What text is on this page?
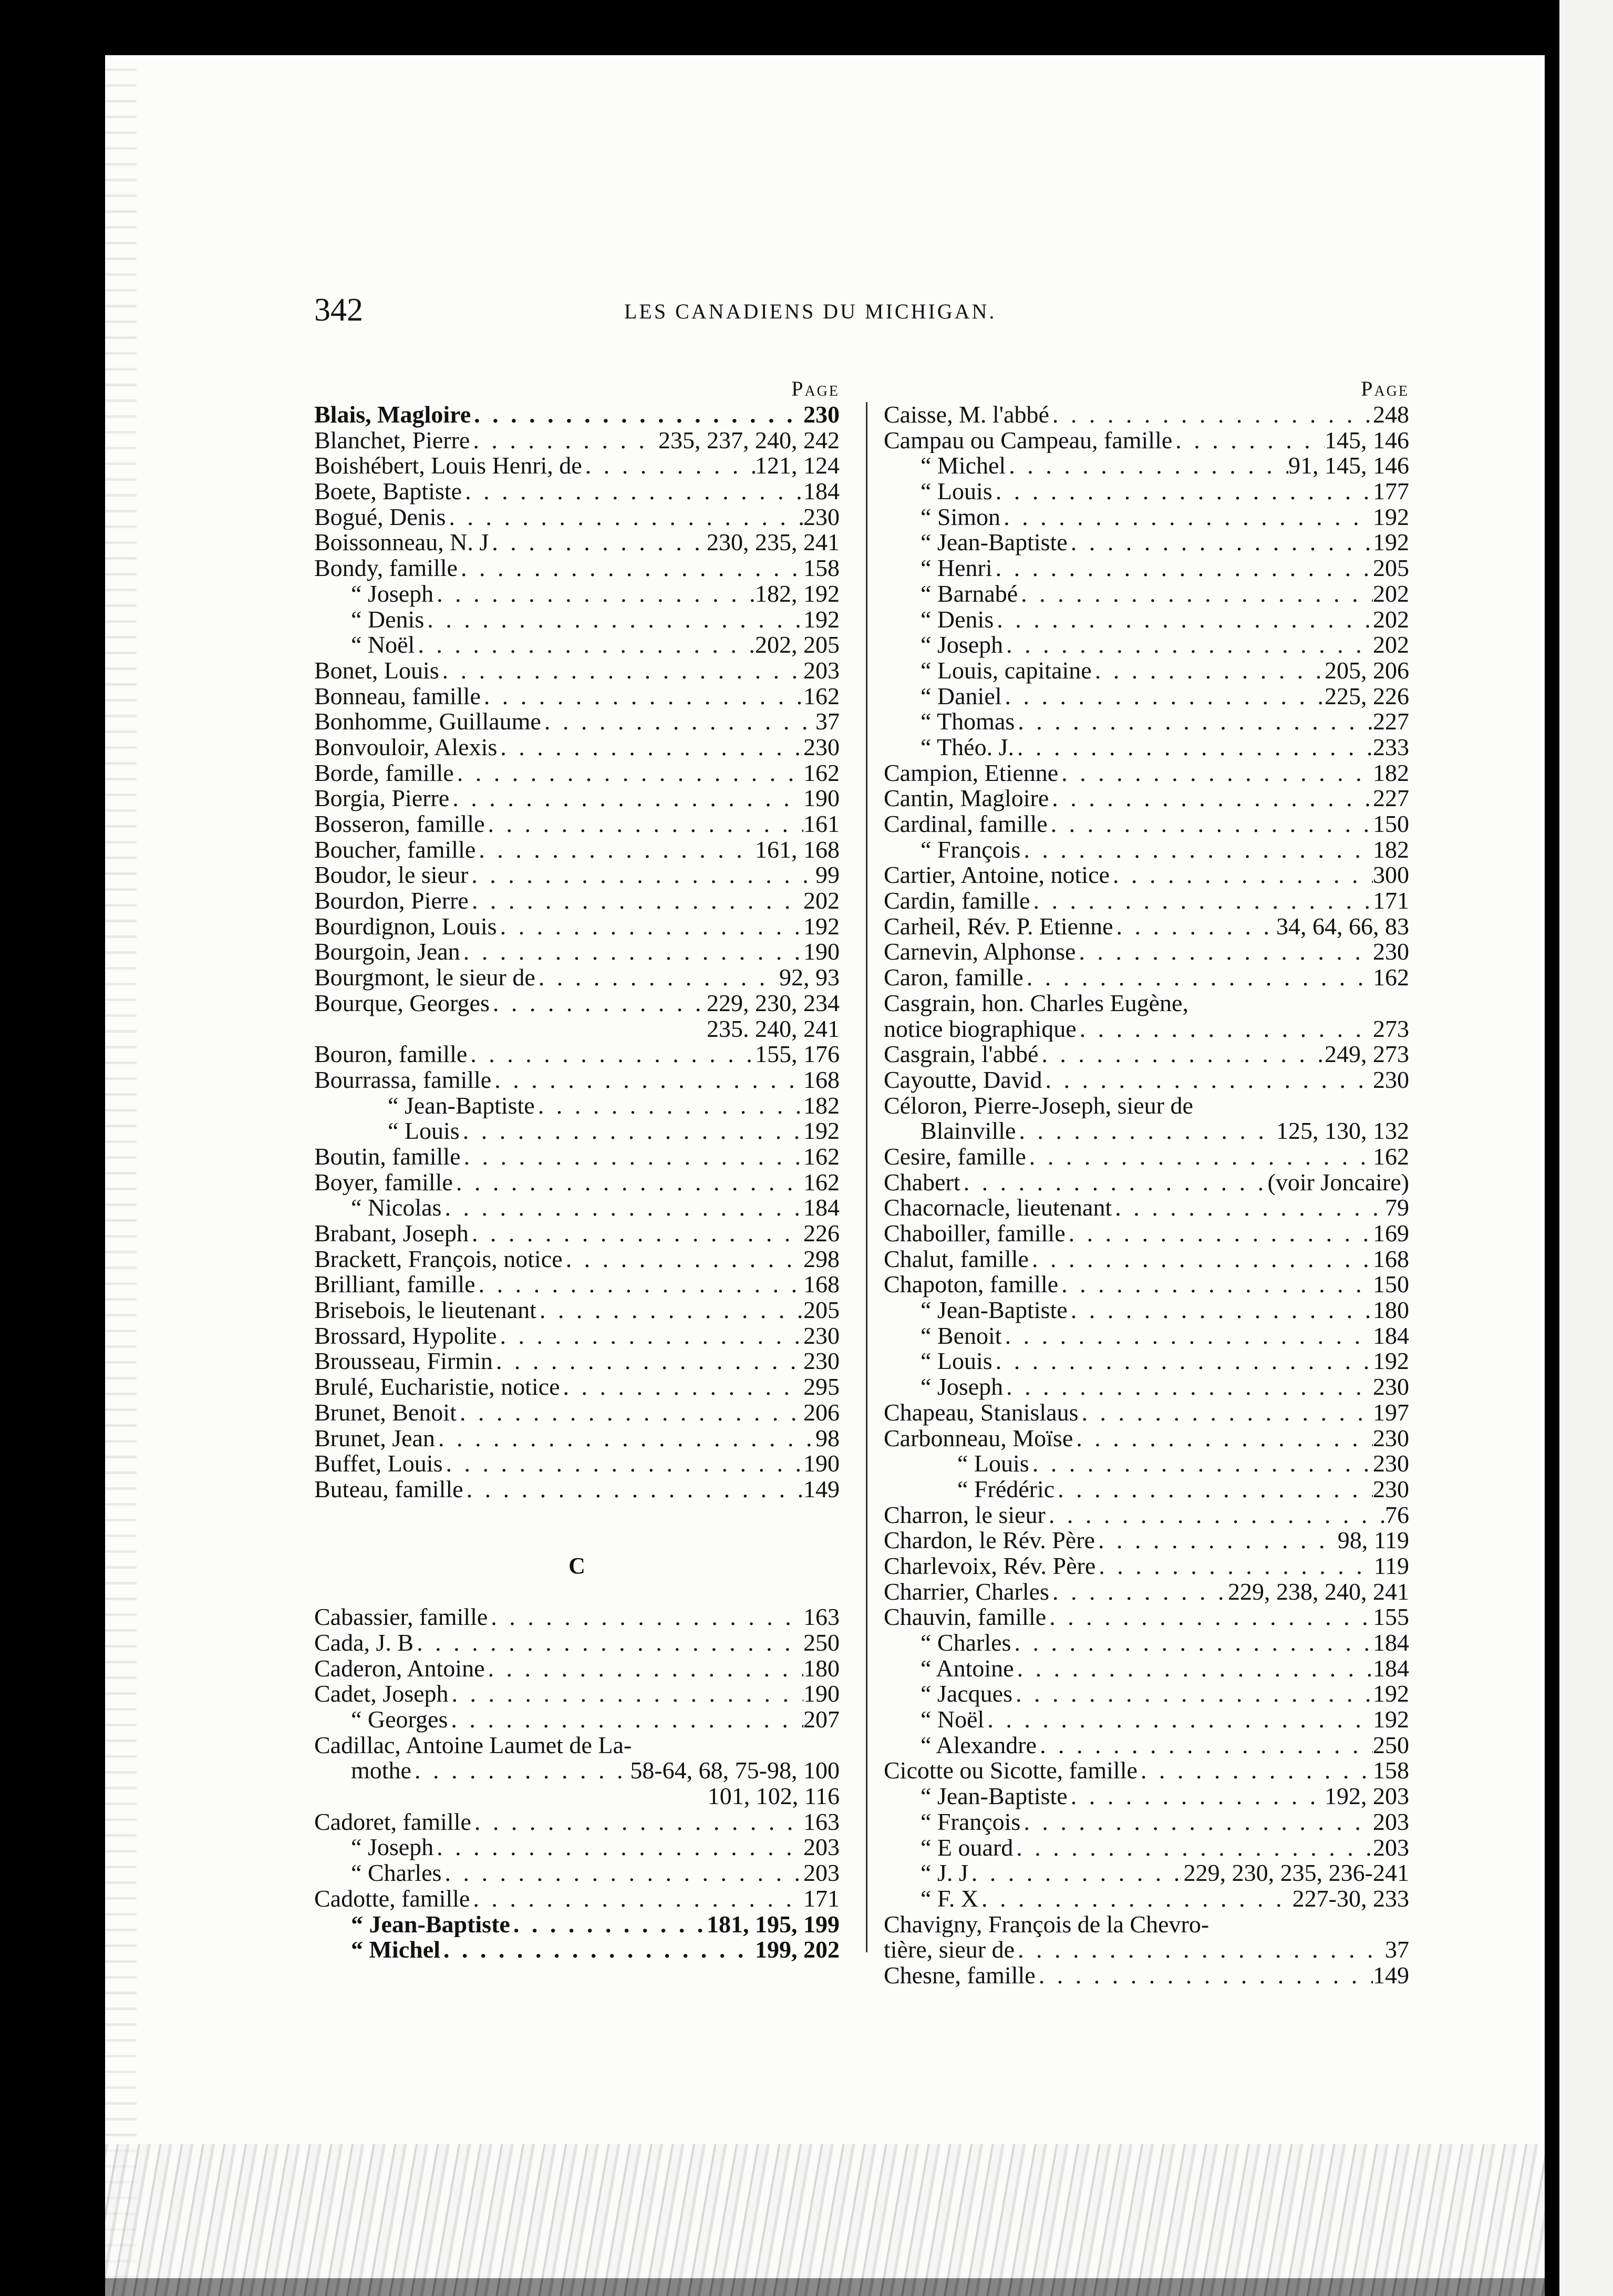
342	LES CANADIENS DU MICHIGAN.
Page
Blais, Magloire . . .	230
Blanchet, Pierre . . .	235, 237, 240, 242
Boishébert, Louis Henri, de . . .	121, 124
Boete, Baptiste . . .	184
Bogué, Denis . . .	230
Boissonneau, N. J . . .	230, 235, 241
Bondy, famille . . .	158
“ Joseph . . .	182, 192
“ Denis . . .	192
“ Noël . . .	202, 205
Bonet, Louis . . .	203
Bonneau, famille . . .	162
Bonhomme, Guillaume . . .	37
Bonvouloir, Alexis . . .	230
Borde, famille . . .	162
Borgia, Pierre . . .	190
Bosseron, famille . . .	161
Boucher, famille . . .	161, 168
Boudor, le sieur . . .	99
Bourdon, Pierre . . .	202
Bourdignon, Louis . . .	192
Bourgoin, Jean . . .	190
Bourgmont, le sieur de . . .	92, 93
Bourque, Georges . . .	229, 230, 234
235. 240, 241
Bouron, famille . . .	155, 176
Bourrassa, famille . . .	168
“ Jean-Baptiste . . .	182
“ Louis . . .	192
Boutin, famille . . .	162
Boyer, famille . . .	162
“ Nicolas . . .	184
Brabant, Joseph . . .	226
Brackett, François, notice . . .	298
Brilliant, famille . . .	168
Brisebois, le lieutenant . . .	205
Brossard, Hypolite . . .	230
Brousseau, Firmin . . .	230
Brulé, Eucharistie, notice . . .	295
Brunet, Benoit . . .	206
Brunet, Jean . . .	98
Buffet, Louis . . .	190
Buteau, famille . . .	149
C
Cabassier, famille . . .	163
Cada, J. B . . .	250
Caderon, Antoine . . .	180
Cadet, Joseph . . .	190
“ Georges . . .	207
Cadillac, Antoine Laumet de La-
mothe . . .	58-64, 68, 75-98, 100
101, 102, 116
Cadoret, famille . . .	163
“ Joseph . . .	203
“ Charles . . .	203
Cadotte, famille . . .	171
“ Jean-Baptiste . . .	181, 195, 199
“ Michel . . .	199, 202
Page
Caisse, M. l'abbé . . .	248
Campau ou Campeau, famille . . .	145, 146
“ Michel . . .	91, 145, 146
“ Louis . . .	177
“ Simon . . .	192
“ Jean-Baptiste . . .	192
“ Henri . . .	205
“ Barnabé . . .	202
“ Denis . . .	202
“ Joseph . . .	202
“ Louis, capitaine . . .	205, 206
“ Daniel . . .	225, 226
“ Thomas . . .	227
“ Théo. J. . . .	233
Campion, Etienne . . .	182
Cantin, Magloire . . .	227
Cardinal, famille . . .	150
“ François . . .	182
Cartier, Antoine, notice . . .	300
Cardin, famille . . .	171
Carheil, Rév. P. Etienne . . .	34, 64, 66, 83
Carnevin, Alphonse . . .	230
Caron, famille . . .	162
Casgrain, hon. Charles Eugène,
notice biographique . . .	273
Casgrain, l'abbé . . .	249, 273
Cayoutte, David . . .	230
Céloron, Pierre-Joseph, sieur de
Blainville . . .	125, 130, 132
Cesire, famille . . .	162
Chabert . . .	(voir Joncaire)
Chacornacle, lieutenant . . .	79
Chaboiller, famille . . .	169
Chalut, famille . . .	168
Chapoton, famille . . .	150
“ Jean-Baptiste . . .	180
“ Benoit . . .	184
“ Louis . . .	192
“ Joseph . . .	230
Chapeau, Stanislaus . . .	197
Carbonneau, Moïse . . .	230
“ Louis . . .	230
“ Frédéric . . .	230
Charron, le sieur . . .	76
Chardon, le Rév. Père . . .	98, 119
Charlevoix, Rév. Père . . .	119
Charrier, Charles . . .	229, 238, 240, 241
Chauvin, famille . . .	155
“ Charles . . .	184
“ Antoine . . .	184
“ Jacques . . .	192
“ Noël . . .	192
“ Alexandre . . .	250
Cicotte ou Sicotte, famille . . .	158
“ Jean-Baptiste . . .	192, 203
“ François . . .	203
“ E ouard . . .	203
“ J. J . . .	229, 230, 235, 236-241
“ F. X . . .	227-30, 233
Chavigny, François de la Chevro-
tière, sieur de . . .	37
Chesne, famille . . .	149
